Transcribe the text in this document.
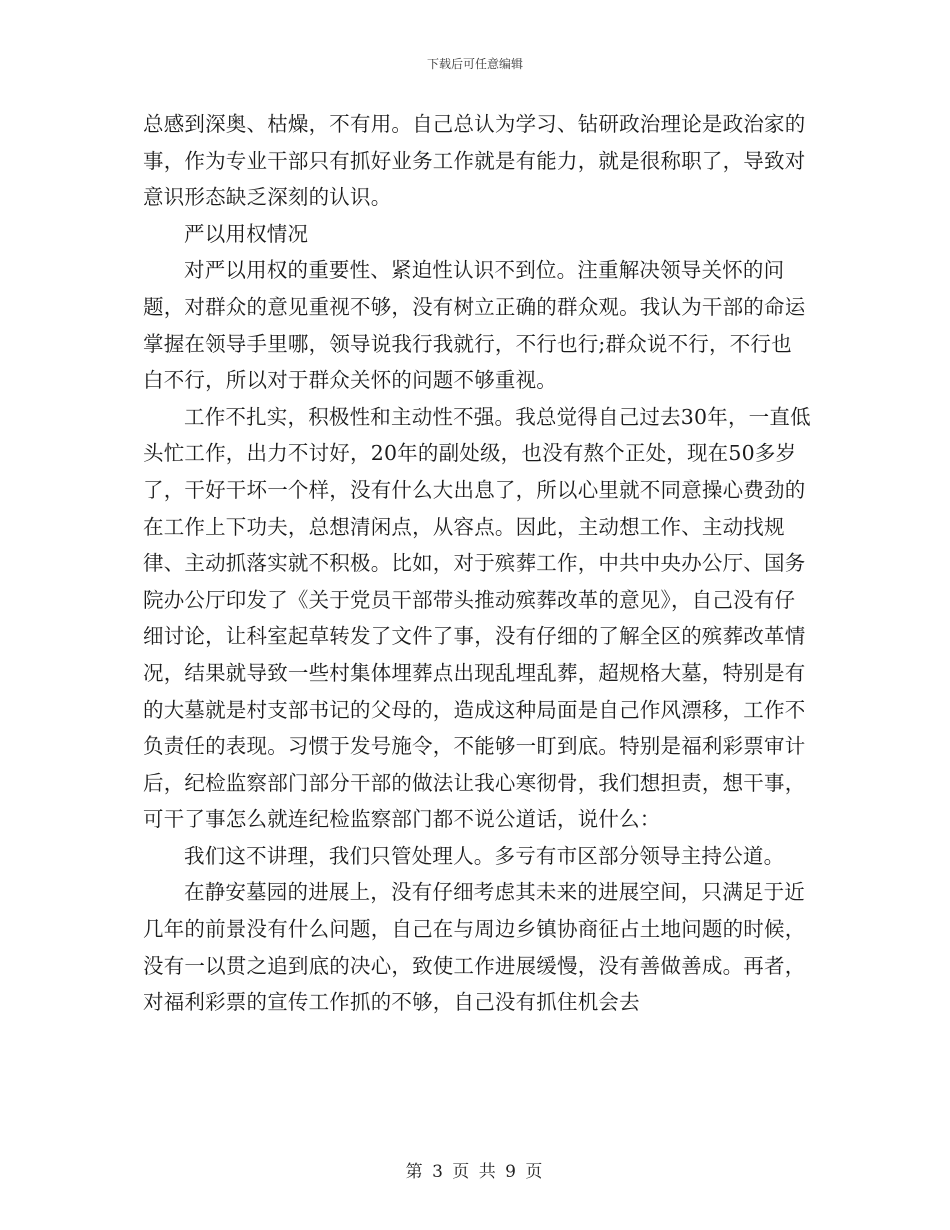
下载后可任意编辑

总感到深奥、枯燥，不有用。自己总认为学习、钻研政治理论是政治家的事，作为专业干部只有抓好业务工作就是有能力，就是很称职了，导致对意识形态缺乏深刻的认识。

严以用权情况

对严以用权的重要性、紧迫性认识不到位。注重解决领导关怀的问题，对群众的意见重视不够，没有树立正确的群众观。我认为干部的命运掌握在领导手里哪，领导说我行我就行，不行也行;群众说不行，不行也白不行，所以对于群众关怀的问题不够重视。

工作不扎实，积极性和主动性不强。我总觉得自己过去30年，一直低头忙工作，出力不讨好，20年的副处级，也没有熬个正处，现在50多岁了，干好干坏一个样，没有什么大出息了，所以心里就不同意操心费劲的在工作上下功夫，总想清闲点，从容点。因此，主动想工作、主动找规律、主动抓落实就不积极。比如，对于殡葬工作，中共中央办公厅、国务院办公厅印发了《关于党员干部带头推动殡葬改革的意见》，自己没有仔细讨论，让科室起草转发了文件了事，没有仔细的了解全区的殡葬改革情况，结果就导致一些村集体埋葬点出现乱埋乱葬，超规格大墓，特别是有的大墓就是村支部书记的父母的，造成这种局面是自己作风漂移，工作不负责任的表现。习惯于发号施令，不能够一盯到底。特别是福利彩票审计后，纪检监察部门部分干部的做法让我心寒彻骨，我们想担责，想干事，可干了事怎么就连纪检监察部门都不说公道话，说什么：

我们这不讲理，我们只管处理人。多亏有市区部分领导主持公道。

在静安墓园的进展上，没有仔细考虑其未来的进展空间，只满足于近几年的前景没有什么问题，自己在与周边乡镇协商征占土地问题的时候，没有一以贯之追到底的决心，致使工作进展缓慢，没有善做善成。再者，对福利彩票的宣传工作抓的不够，自己没有抓住机会去

第 3 页 共 9 页
